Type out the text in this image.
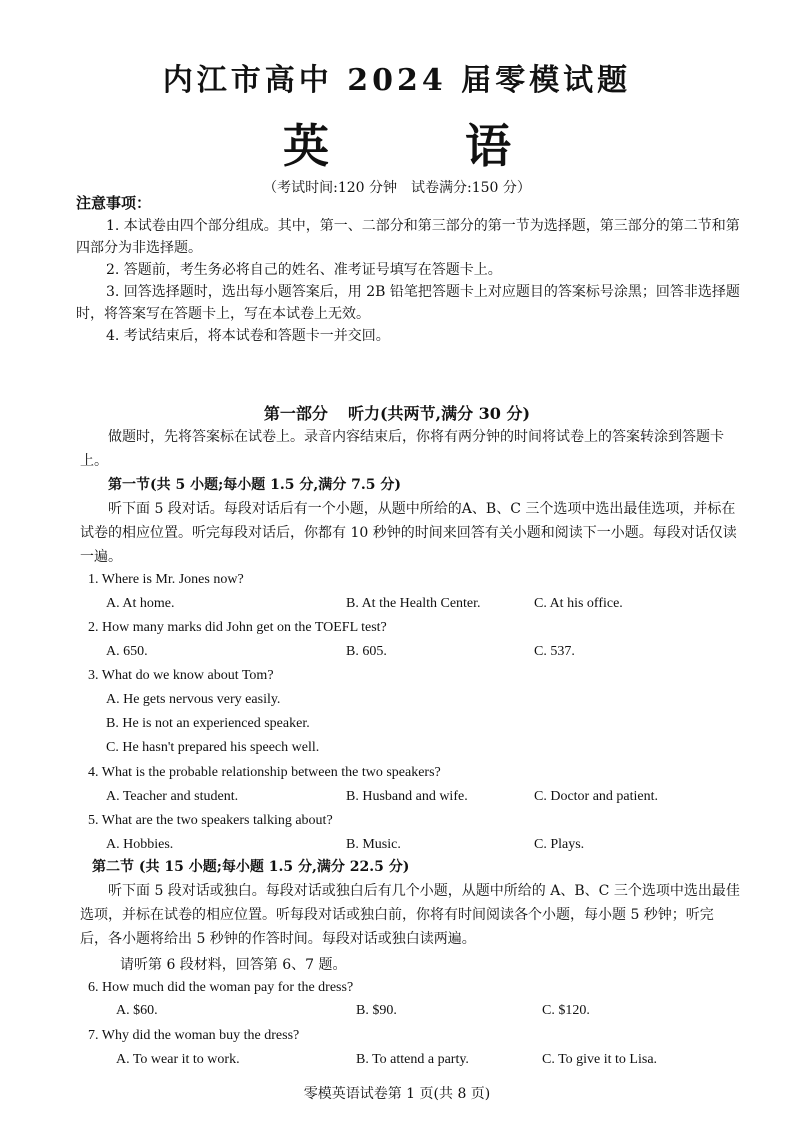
内江市高中 2024 届零模试题
英 语
（考试时间:120 分钟　试卷满分:150 分）
注意事项：

1. 本试卷由四个部分组成。其中，第一、二部分和第三部分的第一节为选择题，第三部分的第二节和第四部分为非选择题。

2. 答题前，考生务必将自己的姓名、准考证号填写在答题卡上。

3. 回答选择题时，选出每小题答案后，用 2B 铅笔把答题卡上对应题目的答案标号涂黑；回答非选择题时，将答案写在答题卡上，写在本试卷上无效。

4. 考试结束后，将本试卷和答题卡一并交回。

第一部分 听力(共两节,满分 30 分)

做题时，先将答案标在试卷上。录音内容结束后，你将有两分钟的时间将试卷上的答案转涂到答题卡上。

第一节(共 5 小题;每小题 1.5 分,满分 7.5 分)

听下面 5 段对话。每段对话后有一个小题，从题中所给的A、B、C 三个选项中选出最佳选项，并标在试卷的相应位置。听完每段对话后，你都有 10 秒钟的时间来回答有关小题和阅读下一小题。每段对话仅读一遍。

1. Where is Mr. Jones now?
A. At home.	B. At the Health Center.	C. At his office.
2. How many marks did John get on the TOEFL test?
A. 650.	B. 605.	C. 537.
3. What do we know about Tom?
A. He gets nervous very easily.
B. He is not an experienced speaker.
C. He hasn't prepared his speech well.
4. What is the probable relationship between the two speakers?
A. Teacher and student.	B. Husband and wife.	C. Doctor and patient.
5. What are the two speakers talking about?
A. Hobbies.	B. Music.	C. Plays.

第二节 (共 15 小题;每小题 1.5 分,满分 22.5 分)

听下面 5 段对话或独白。每段对话或独白后有几个小题，从题中所给的 A、B、C 三个选项中选出最佳选项，并标在试卷的相应位置。听每段对话或独白前，你将有时间阅读各个小题，每小题 5 秒钟；听完后，各小题将给出 5 秒钟的作答时间。每段对话或独白读两遍。

请听第 6 段材料，回答第 6、7 题。

6. How much did the woman pay for the dress?
A. $60.	B. $90.	C. $120.
7. Why did the woman buy the dress?
A. To wear it to work.	B. To attend a party.	C. To give it to Lisa.
零模英语试卷第 1 页(共 8 页)
